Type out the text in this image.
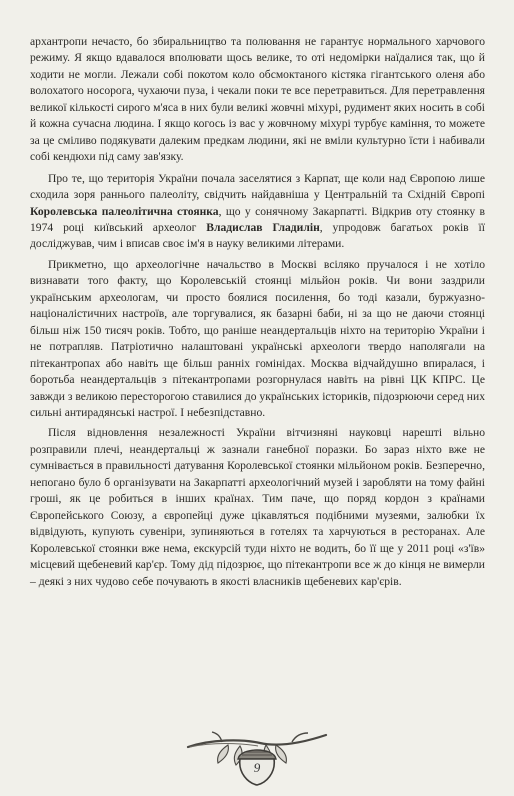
архантропи нечасто, бо збиральництво та полювання не гарантує нормального харчового режиму. Я якщо вдавалося вполювати щось велике, то оті недомірки наїдалися так, що й ходити не могли. Лежали собі покотом коло обсмоктаного кістяка гігантського оленя або волохатого носорога, чухаючи пуза, і чекали поки те все перетравиться. Для перетравлення великої кількості сирого м'яса в них були великі жовчні міхурі, рудимент яких носить в собі й кожна сучасна людина. І якщо когось із вас у жовчному міхурі турбує каміння, то можете за це сміливо подякувати далеким предкам людини, які не вміли культурно їсти і набивали собі кендюхи під саму зав'язку.

Про те, що територія України почала заселятися з Карпат, ще коли над Європою лише сходила зоря раннього палеоліту, свідчить найдавніша у Центральній та Східній Європі Королевська палеолітична стоянка, що у сонячному Закарпатті. Відкрив оту стоянку в 1974 році київський археолог Владислав Гладилін, упродовж багатьох років її досліджував, чим і вписав своє ім'я в науку великими літерами.

Прикметно, що археологічне начальство в Москві всіляко пручалося і не хотіло визнавати того факту, що Королевській стоянці мільйон років. Чи вони заздрили українським археологам, чи просто боялися посилення, бо тоді казали, буржуазно-націоналістичних настроїв, але торгувалися, як базарні баби, ні за що не даючи стоянці більш ніж 150 тисяч років. Тобто, що раніше неандертальців ніхто на територію України і не потрапляв. Патріотично налаштовані українські археологи твердо наполягали на пітекантропах або навіть ще більш ранніх гомінідах. Москва відчайдушно впиралася, і боротьба неандертальців з пітекантропами розгорнулася навіть на рівні ЦК КПРС. Це завжди з великою пересторогою ставилися до українських істориків, підозрюючи серед них сильні антирадянські настрої. І небезпідставно.

Після відновлення незалежності України вітчизняні науковці нарешті вільно розправили плечі, неандертальці ж зазнали ганебної поразки. Бо зараз ніхто вже не сумнівається в правильності датування Королевської стоянки мільйоном років. Безперечно, непогано було б організувати на Закарпатті археологічний музей і заробляти на тому файні гроші, як це робиться в інших країнах. Тим паче, що поряд кордон з країнами Європейського Союзу, а європейці дуже цікавляться подібними музеями, залюбки їх відвідують, купують сувеніри, зупиняються в готелях та харчуються в ресторанах. Але Королевської стоянки вже нема, екскурсій туди ніхто не водить, бо її ще у 2011 році «з'їв» місцевий щебеневий кар'єр. Тому дід підозрює, що пітекантропи все ж до кінця не вимерли – деякі з них чудово себе почувають в якості власників щебеневих кар'єрів.

9
